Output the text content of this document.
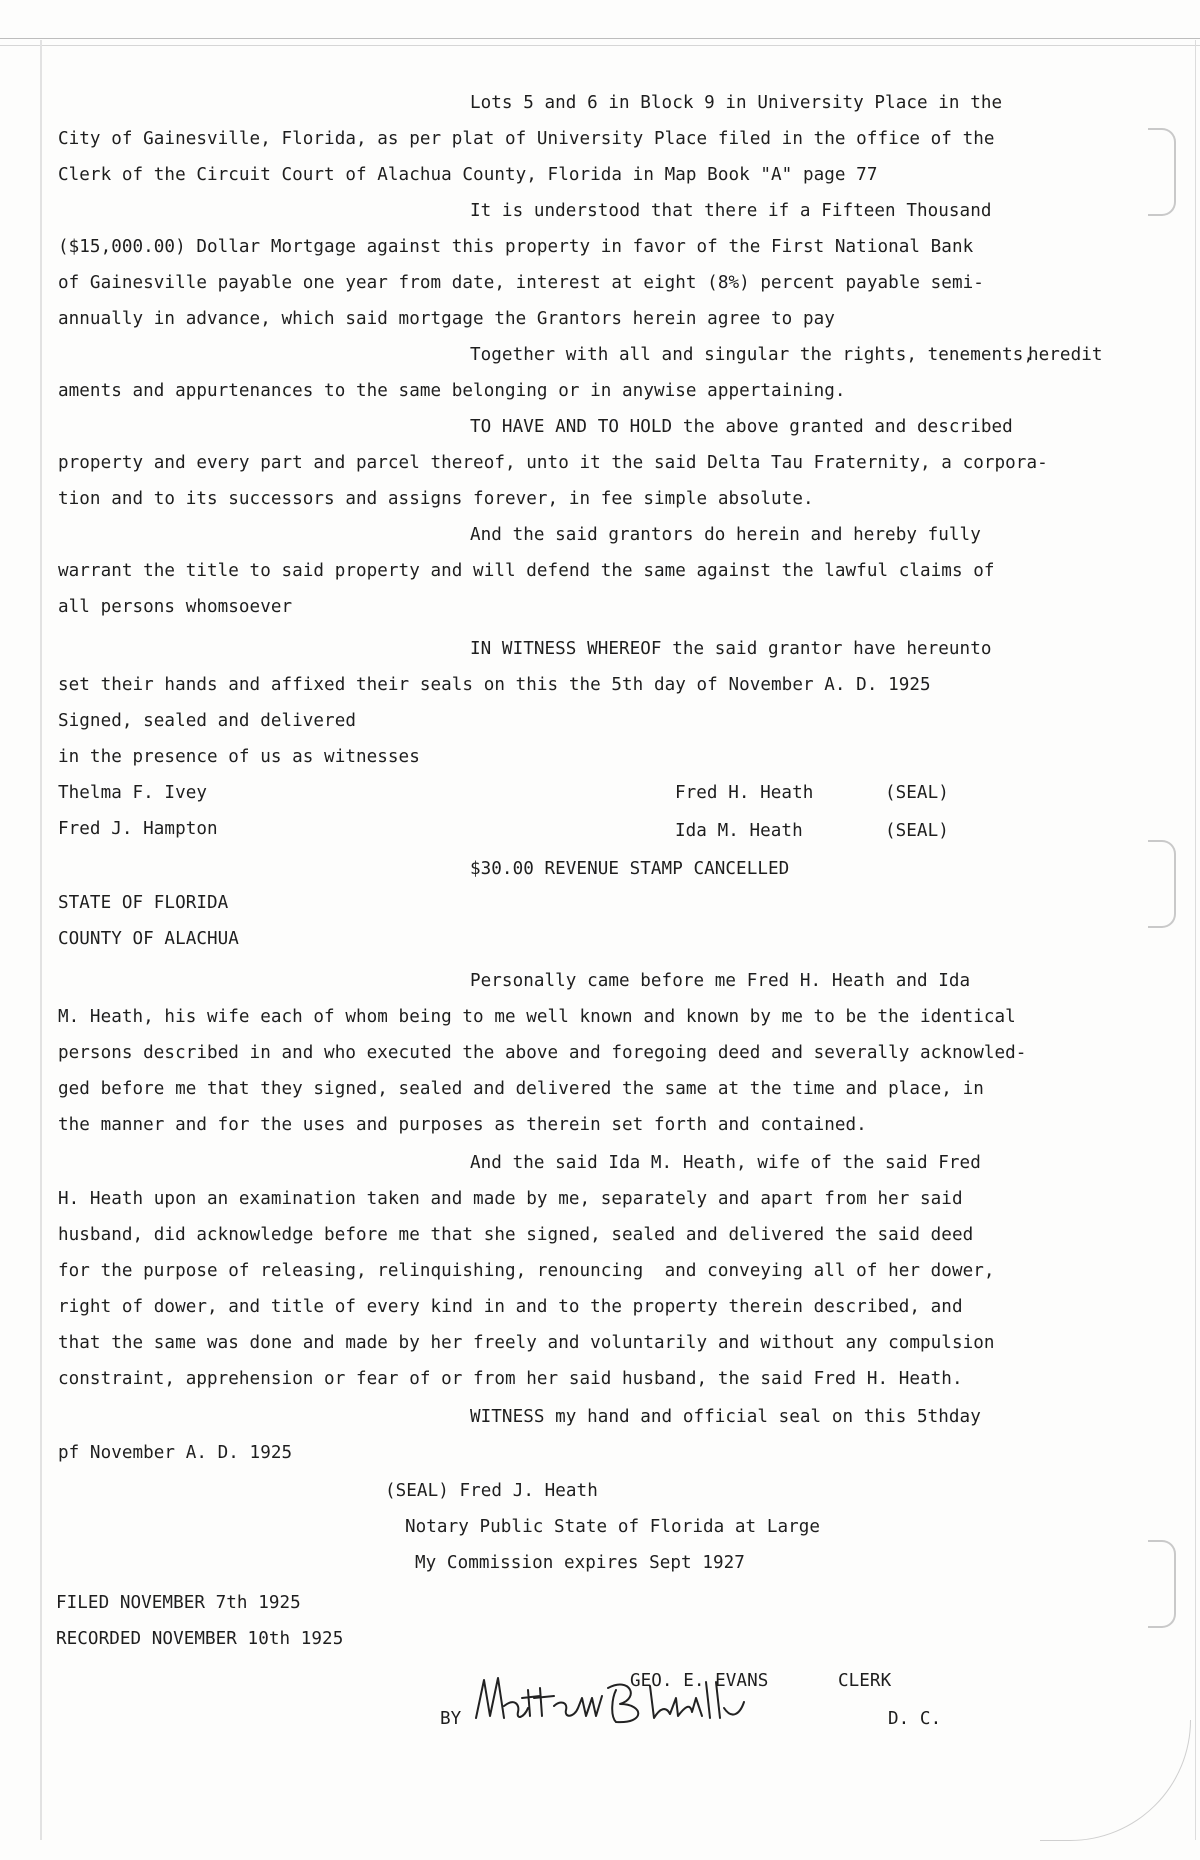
Lots 5 and 6 in Block 9 in University Place in the
City of Gainesville, Florida, as per plat of University Place filed in the office of the
Clerk of the Circuit Court of Alachua County, Florida in Map Book "A" page 77
It is understood that there if a Fifteen Thousand
($15,000.00) Dollar Mortgage against this property in favor of the First National Bank
of Gainesville payable one year from date, interest at eight (8%) percent payable semi-
annually in advance, which said mortgage the Grantors herein agree to pay
Together with all and singular the rights, tenements,
heredit
aments and appurtenances to the same belonging or in anywise appertaining.
TO HAVE AND TO HOLD the above granted and described
property and every part and parcel thereof, unto it the said Delta Tau Fraternity, a corpora-
tion and to its successors and assigns forever, in fee simple absolute.
And the said grantors do herein and hereby fully
warrant the title to said property and will defend the same against the lawful claims of
all persons whomsoever
IN WITNESS WHEREOF the said grantor have hereunto
set their hands and affixed their seals on this the 5th day of November A. D. 1925
Signed, sealed and delivered
in the presence of us as witnesses
Thelma F. Ivey	Fred H. Heath	(SEAL)
Fred J. Hampton	Ida M. Heath	(SEAL)
$30.00 REVENUE STAMP CANCELLED
STATE OF FLORIDA
COUNTY OF ALACHUA
Personally came before me Fred H. Heath and Ida
M. Heath, his wife each of whom being to me well known and known by me to be the identical
persons described in and who executed the above and foregoing deed and severally acknowled-
ged before me that they signed, sealed and delivered the same at the time and place, in
the manner and for the uses and purposes as therein set forth and contained.
And the said Ida M. Heath, wife of the said Fred
H. Heath upon an examination taken and made by me, separately and apart from her said
husband, did acknowledge before me that she signed, sealed and delivered the said deed
for the purpose of releasing, relinquishing, renouncing  and conveying all of her dower,
right of dower, and title of every kind in and to the property therein described, and
that the same was done and made by her freely and voluntarily and without any compulsion
constraint, apprehension or fear of or from her said husband, the said Fred H. Heath.
WITNESS my hand and official seal on this 5thday
pf November A. D. 1925
(SEAL) Fred J. Heath
Notary Public State of Florida at Large
My Commission expires Sept 1927
FILED NOVEMBER 7th 1925
RECORDED NOVEMBER 10th 1925
GEO. E. EVANS	CLERK
BY	D. C.
